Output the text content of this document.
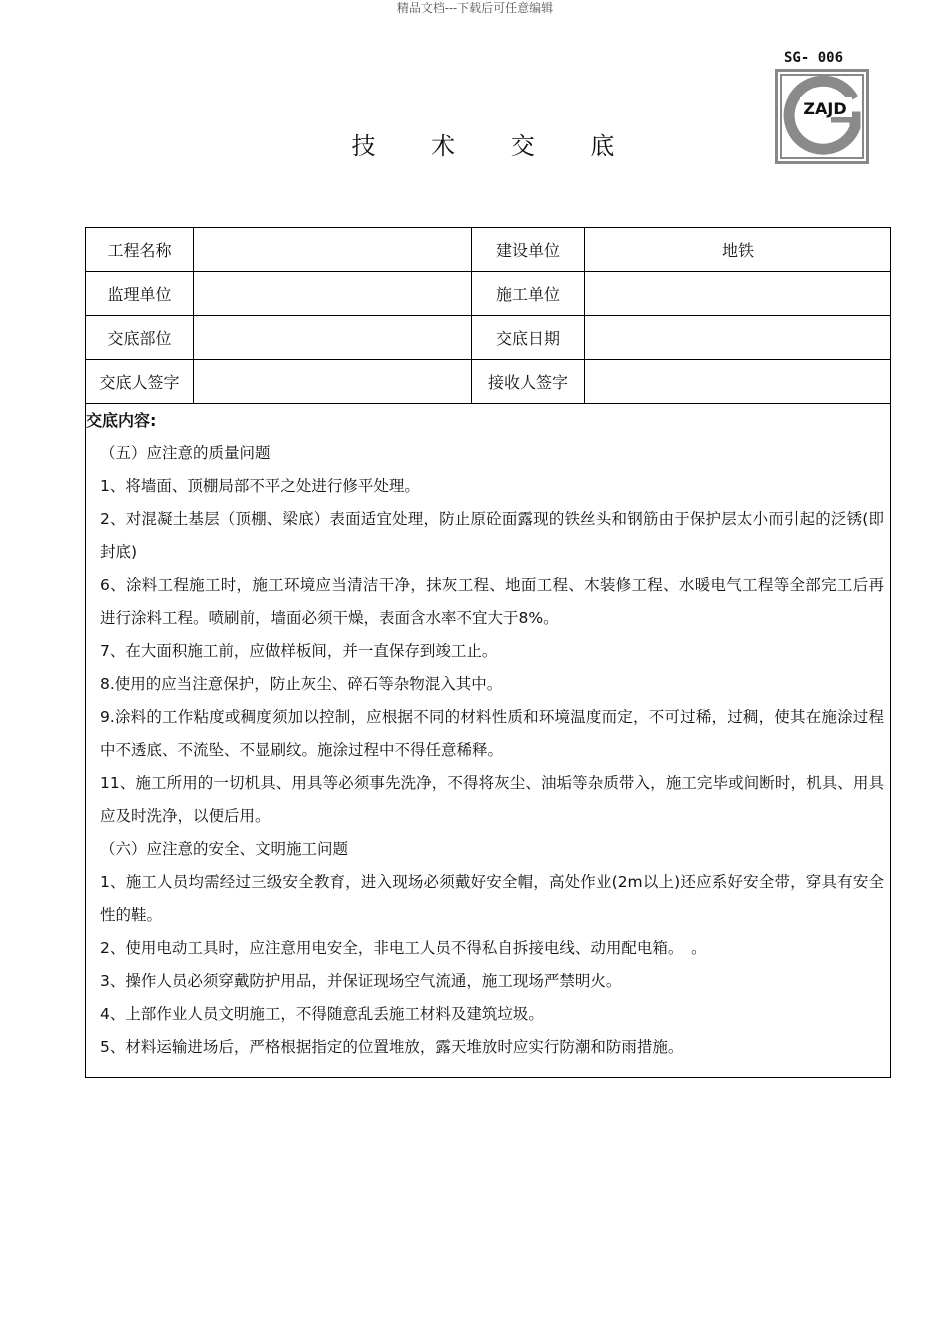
精品文档---下载后可任意编辑
SG- 006
ZAJD
技 术 交 底
工程名称		建设单位	地铁
监理单位		施工单位	
交底部位		交底日期	
交底人签字		接收人签字	
交底内容:

（五）应注意的质量问题

1、将墙面、顶棚局部不平之处进行修平处理。

2、对混凝土基层（顶棚、梁底）表面适宜处理，防止原砼面露现的铁丝头和钢筋由于保护层太小而引起的泛锈(即封底)

6、涂料工程施工时，施工环境应当清洁干净，抹灰工程、地面工程、木装修工程、水暖电气工程等全部完工后再进行涂料工程。喷刷前，墙面必须干燥，表面含水率不宜大于8%。

7、在大面积施工前，应做样板间，并一直保存到竣工止。

8.使用的应当注意保护，防止灰尘、碎石等杂物混入其中。

9.涂料的工作粘度或稠度须加以控制，应根据不同的材料性质和环境温度而定，不可过稀，过稠，使其在施涂过程中不透底、不流坠、不显刷纹。施涂过程中不得任意稀释。

11、施工所用的一切机具、用具等必须事先洗净，不得将灰尘、油垢等杂质带入，施工完毕或间断时，机具、用具应及时洗净，以便后用。

（六）应注意的安全、文明施工问题

1、施工人员均需经过三级安全教育，进入现场必须戴好安全帽，高处作业(2m以上)还应系好安全带，穿具有安全性的鞋。

2、使用电动工具时，应注意用电安全，非电工人员不得私自拆接电线、动用配电箱。　。

3、操作人员必须穿戴防护用品，并保证现场空气流通，施工现场严禁明火。

4、上部作业人员文明施工，不得随意乱丢施工材料及建筑垃圾。

5、材料运输进场后，严格根据指定的位置堆放，露天堆放时应实行防潮和防雨措施。
